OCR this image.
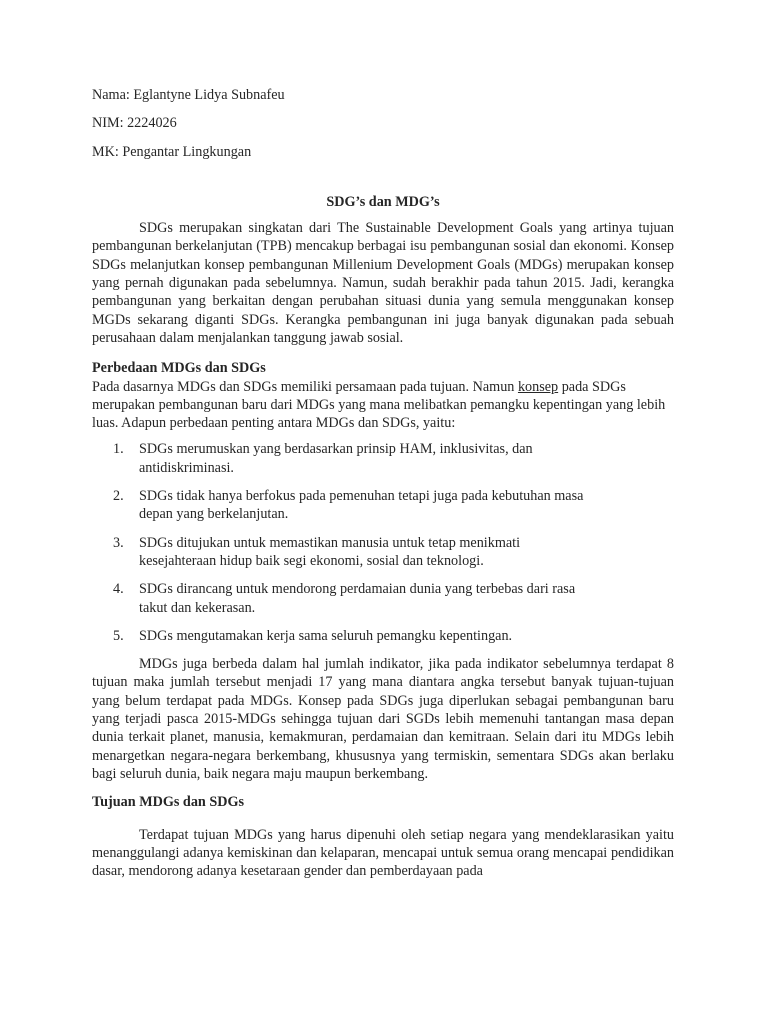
Nama: Eglantyne Lidya Subnafeu

NIM: 2224026

MK: Pengantar Lingkungan

SDG’s dan MDG’s

SDGs merupakan singkatan dari The Sustainable Development Goals yang artinya tujuan pembangunan berkelanjutan (TPB) mencakup berbagai isu pembangunan sosial dan ekonomi. Konsep SDGs melanjutkan konsep pembangunan Millenium Development Goals (MDGs) merupakan konsep yang pernah digunakan pada sebelumnya. Namun, sudah berakhir pada tahun 2015. Jadi, kerangka pembangunan yang berkaitan dengan perubahan situasi dunia yang semula menggunakan konsep MGDs sekarang diganti SDGs. Kerangka pembangunan ini juga banyak digunakan pada sebuah perusahaan dalam menjalankan tanggung jawab sosial.

Perbedaan MDGs dan SDGs

Pada dasarnya MDGs dan SDGs memiliki persamaan pada tujuan. Namun konsep pada SDGs merupakan pembangunan baru dari MDGs yang mana melibatkan pemangku kepentingan yang lebih luas. Adapun perbedaan penting antara MDGs dan SDGs, yaitu:

1. SDGs merumuskan yang berdasarkan prinsip HAM, inklusivitas, dan antidiskriminasi.
2. SDGs tidak hanya berfokus pada pemenuhan tetapi juga pada kebutuhan masa depan yang berkelanjutan.
3. SDGs ditujukan untuk memastikan manusia untuk tetap menikmati kesejahteraan hidup baik segi ekonomi, sosial dan teknologi.
4. SDGs dirancang untuk mendorong perdamaian dunia yang terbebas dari rasa takut dan kekerasan.
5. SDGs mengutamakan kerja sama seluruh pemangku kepentingan.

MDGs juga berbeda dalam hal jumlah indikator, jika pada indikator sebelumnya terdapat 8 tujuan maka jumlah tersebut menjadi 17 yang mana diantara angka tersebut banyak tujuan-tujuan yang belum terdapat pada MDGs. Konsep pada SDGs juga diperlukan sebagai pembangunan baru yang terjadi pasca 2015-MDGs sehingga tujuan dari SGDs lebih memenuhi tantangan masa depan dunia terkait planet, manusia, kemakmuran, perdamaian dan kemitraan. Selain dari itu MDGs lebih menargetkan negara-negara berkembang, khususnya yang termiskin, sementara SDGs akan berlaku bagi seluruh dunia, baik negara maju maupun berkembang.

Tujuan MDGs dan SDGs

Terdapat tujuan MDGs yang harus dipenuhi oleh setiap negara yang mendeklarasikan yaitu menanggulangi adanya kemiskinan dan kelaparan, mencapai untuk semua orang mencapai pendidikan dasar, mendorong adanya kesetaraan gender dan pemberdayaan pada
